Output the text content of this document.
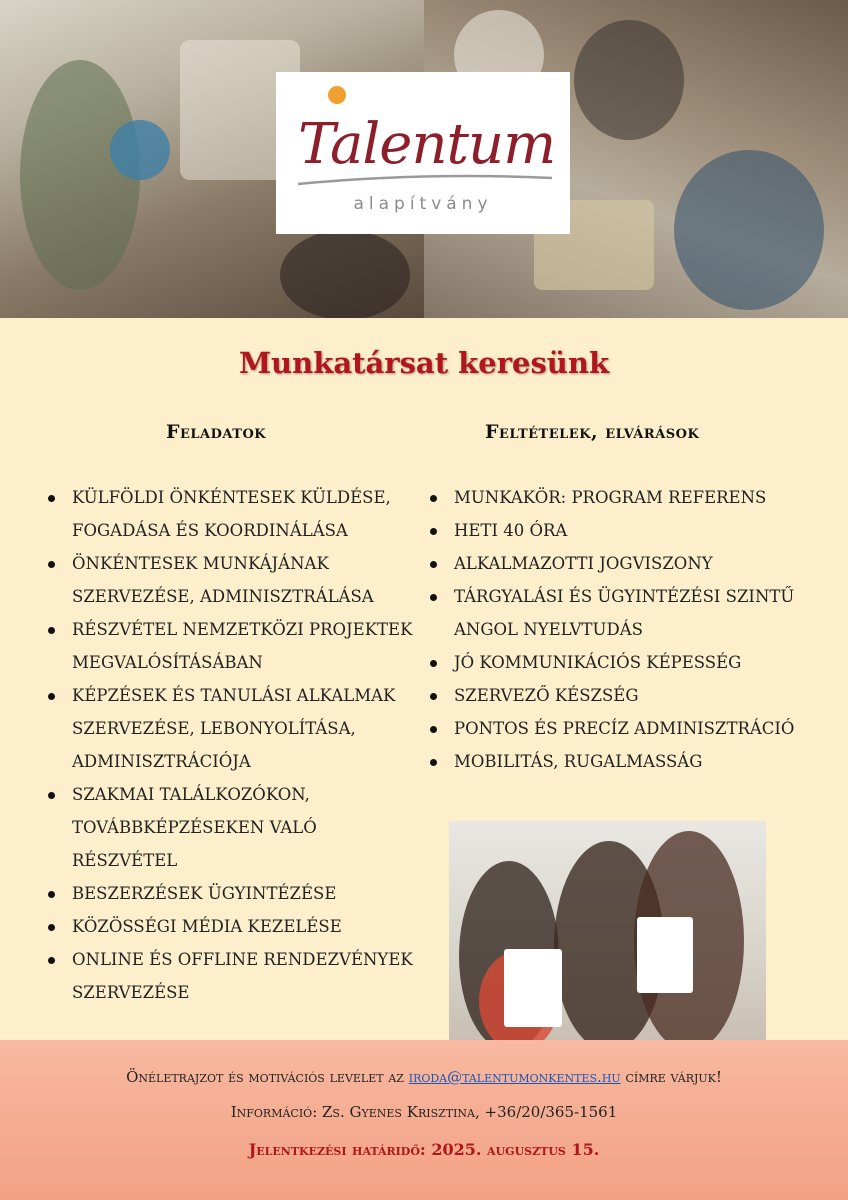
Talentum
alapítvány
Munkatársat keresünk
Feladatok	Feltételek, elvárások
KÜLFÖLDI ÖNKÉNTESEK KÜLDÉSE, FOGADÁSA ÉS KOORDINÁLÁSA
ÖNKÉNTESEK MUNKÁJÁNAK SZERVEZÉSE, ADMINISZTRÁLÁSA
RÉSZVÉTEL NEMZETKÖZI PROJEKTEK MEGVALÓSÍTÁSÁBAN
KÉPZÉSEK ÉS TANULÁSI ALKALMAK SZERVEZÉSE, LEBONYOLÍTÁSA, ADMINISZTRÁCIÓJA
SZAKMAI TALÁLKOZÓKON, TOVÁBBKÉPZÉSEKEN VALÓ RÉSZVÉTEL
BESZERZÉSEK ÜGYINTÉZÉSE
KÖZÖSSÉGI MÉDIA KEZELÉSE
ONLINE ÉS OFFLINE RENDEZVÉNYEK SZERVEZÉSE
MUNKAKÖR: PROGRAM REFERENS
HETI 40 ÓRA
ALKALMAZOTTI JOGVISZONY
TÁRGYALÁSI ÉS ÜGYINTÉZÉSI SZINTŰ ANGOL NYELVTUDÁS
JÓ KOMMUNIKÁCIÓS KÉPESSÉG
SZERVEZŐ KÉSZSÉG
PONTOS ÉS PRECÍZ ADMINISZTRÁCIÓ
MOBILITÁS, RUGALMASSÁG
Önéletrajzot és motivációs levelet az iroda@talentumonkentes.hu címre várjuk!
Információ: Zs. Gyenes Krisztina, +36/20/365-1561
Jelentkezési határidő: 2025. augusztus 15.
